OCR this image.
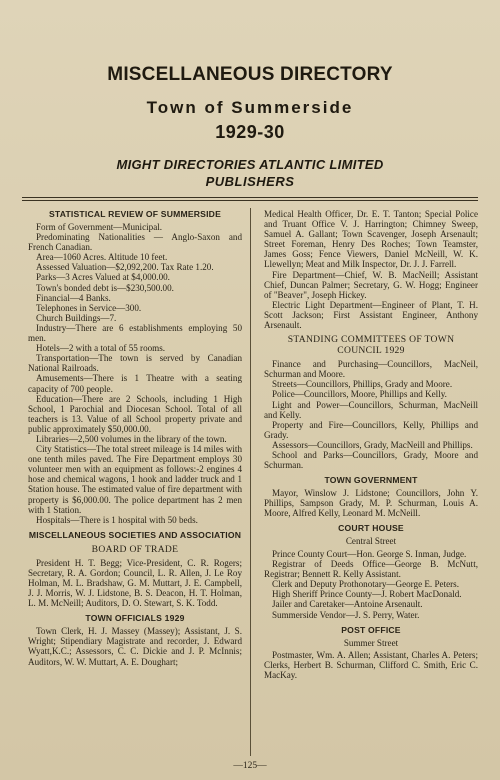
MISCELLANEOUS DIRECTORY
Town of Summerside
1929-30
MIGHT DIRECTORIES ATLANTIC LIMITED
PUBLISHERS
STATISTICAL REVIEW OF SUMMERSIDE

Form of Government—Municipal.

Predominating Nationalities — Anglo-Saxon and French Canadian.

Area—1060 Acres. Altitude 10 feet.

Assessed Valuation—$2,092,200. Tax Rate 1.20.

Parks—3 Acres Valued at $4,000.00.

Town's bonded debt is—$230,500.00.

Financial—4 Banks.

Telephones in Service—300.

Church Buildings—7.

Industry—There are 6 establishments employing 50 men.

Hotels—2 with a total of 55 rooms.

Transportation—The town is served by Canadian National Railroads.

Amusements—There is 1 Theatre with a seating capacity of 700 people.

Education—There are 2 Schools, including 1 High School, 1 Parochial and Diocesan School. Total of all teachers is 13. Value of all School property private and public approximately $50,000.00.

Libraries—2,500 volumes in the library of the town.

City Statistics—The total street mileage is 14 miles with one tenth miles paved. The Fire Department employs 30 volunteer men with an equipment as follows:-2 engines 4 hose and chemical wagons, 1 hook and ladder truck and 1 Station house. The estimated value of fire department with property is $6,000.00. The police department has 2 men with 1 Station.

Hospitals—There is 1 hospital with 50 beds.

MISCELLANEOUS SOCIETIES AND ASSOCIATION
BOARD OF TRADE

President H. T. Begg; Vice-President, C. R. Rogers; Secretary, R. A. Gordon; Council, L. R. Allen, J. Le Roy Holman, M. L. Bradshaw, G. M. Muttart, J. E. Campbell, J. J. Morris, W. J. Lidstone, B. S. Deacon, H. T. Holman, L. M. McNeill; Auditors, D. O. Stewart, S. K. Todd.

TOWN OFFICIALS 1929

Town Clerk, H. J. Massey (Massey); Assistant, J. S. Wright; Stipendiary Magistrate and recorder, J. Edward Wyatt,K.C.; Assessors, C. C. Dickie and J. P. McInnis; Auditors, W. W. Muttart, A. E. Doughart;

Medical Health Officer, Dr. E. T. Tanton; Special Police and Truant Office V. J. Harrington; Chimney Sweep, Samuel A. Gallant; Town Scavenger, Joseph Arsenault; Street Foreman, Henry Des Roches; Town Teamster, James Goss; Fence Viewers, Daniel McNeill, W. K. Llewellyn; Meat and Milk Inspector, Dr. J. J. Farrell.

Fire Department—Chief, W. B. MacNeill; Assistant Chief, Duncan Palmer; Secretary, G. W. Hogg; Engineer of "Beaver", Joseph Hickey.

Electric Light Department—Engineer of Plant, T. H. Scott Jackson; First Assistant Engineer, Anthony Arsenault.

STANDING COMMITTEES OF TOWN COUNCIL 1929

Finance and Purchasing—Councillors, MacNeil, Schurman and Moore.

Streets—Councillors, Phillips, Grady and Moore.

Police—Councillors, Moore, Phillips and Kelly.

Light and Power—Councillors, Schurman, MacNeill and Kelly.

Property and Fire—Councillors, Kelly, Phillips and Grady.

Assessors—Councillors, Grady, MacNeill and Phillips.

School and Parks—Councillors, Grady, Moore and Schurman.

TOWN GOVERNMENT

Mayor, Winslow J. Lidstone; Councillors, John Y. Phillips, Sampson Grady, M. P. Schurman, Louis A. Moore, Alfred Kelly, Leonard M. McNeill.

COURT HOUSE
Central Street

Prince County Court—Hon. George S. Inman, Judge.

Registrar of Deeds Office—George B. McNutt, Registrar; Bennett R. Kelly Assistant.

Clerk and Deputy Prothonotary—George E. Peters.

High Sheriff Prince County—J. Robert MacDonald.

Jailer and Caretaker—Antoine Arsenault.

Summerside Vendor—J. S. Perry, Water.

POST OFFICE
Summer Street

Postmaster, Wm. A. Allen; Assistant, Charles A. Peters; Clerks, Herbert B. Schurman, Clifford C. Smith, Eric C. MacKay.

—125—
